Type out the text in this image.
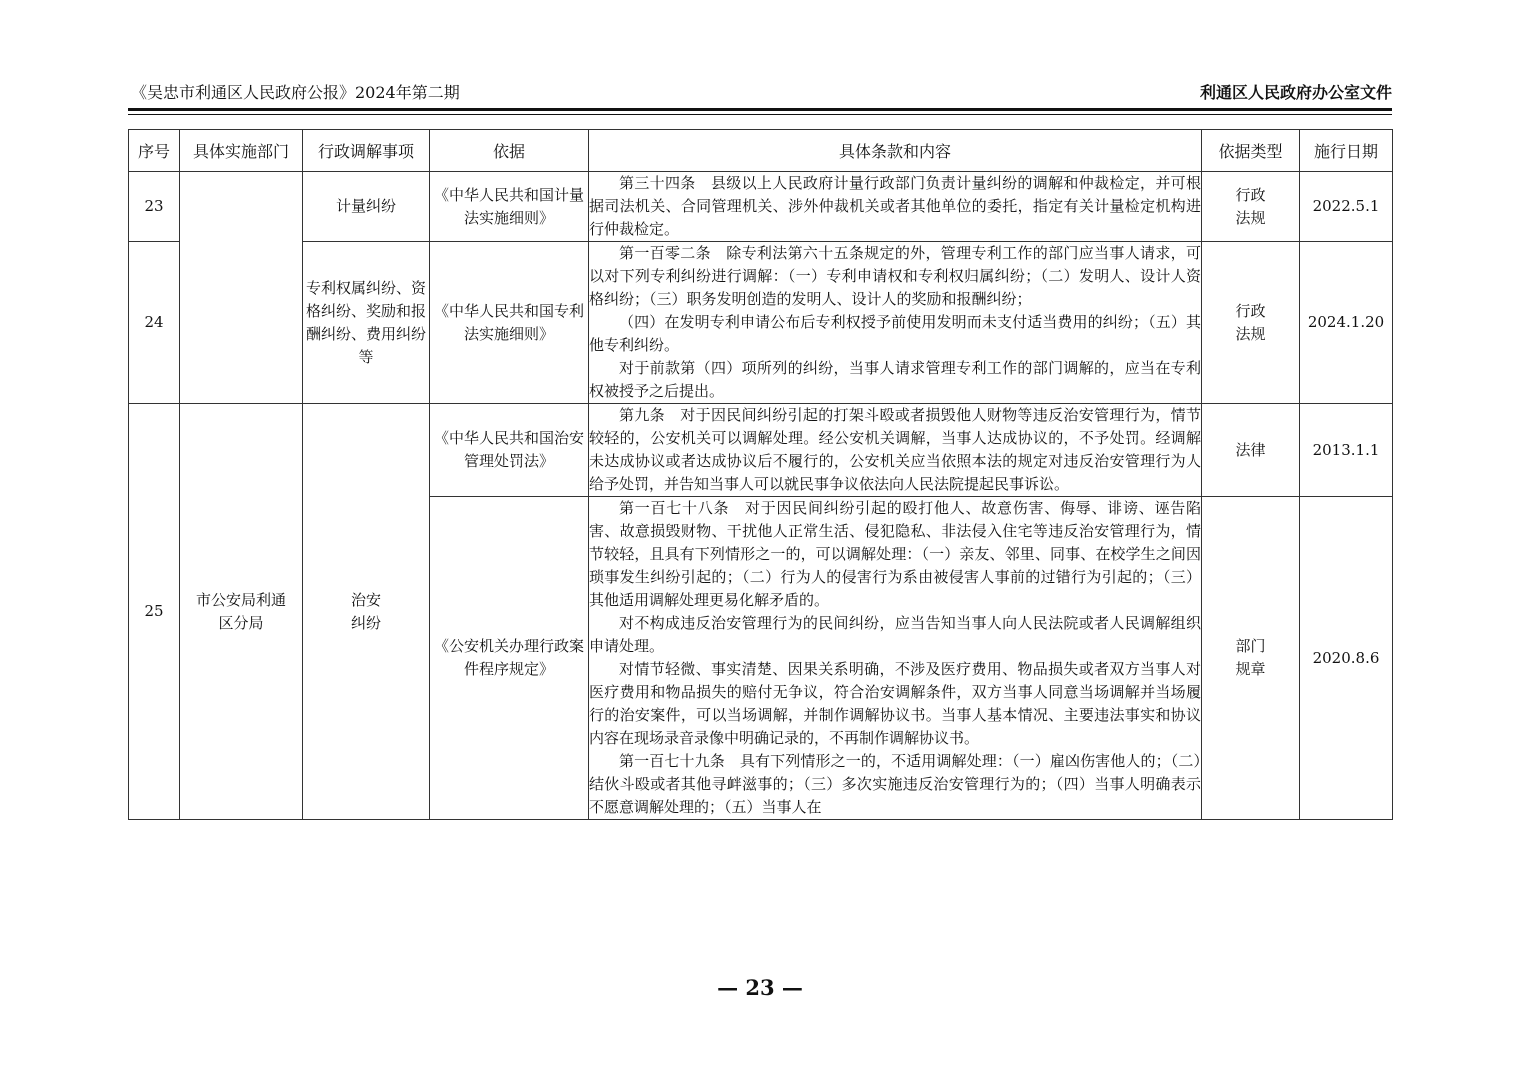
《吴忠市利通区人民政府公报》2024年第二期	利通区人民政府办公室文件
序号	具体实施部门	行政调解事项	依据	具体条款和内容	依据类型	施行日期
23		计量纠纷	《中华人民共和国计量法实施细则》	第三十四条　县级以上人民政府计量行政部门负责计量纠纷的调解和仲裁检定，并可根据司法机关、合同管理机关、涉外仲裁机关或者其他单位的委托，指定有关计量检定机构进行仲裁检定。	行政法规	2022.5.1
24		专利权属纠纷、资格纠纷、奖励和报酬纠纷、费用纠纷等	《中华人民共和国专利法实施细则》	第一百零二条　除专利法第六十五条规定的外，管理专利工作的部门应当事人请求，可以对下列专利纠纷进行调解：（一）专利申请权和专利权归属纠纷；（二）发明人、设计人资格纠纷；（三）职务发明创造的发明人、设计人的奖励和报酬纠纷；

（四）在发明专利申请公布后专利权授予前使用发明而未支付适当费用的纠纷；（五）其他专利纠纷。

对于前款第（四）项所列的纠纷，当事人请求管理专利工作的部门调解的，应当在专利权被授予之后提出。	行政法规	2024.1.20
25	市公安局利通区分局	治安纠纷	《中华人民共和国治安管理处罚法》	第九条　对于因民间纠纷引起的打架斗殴或者损毁他人财物等违反治安管理行为，情节较轻的，公安机关可以调解处理。经公安机关调解，当事人达成协议的，不予处罚。经调解未达成协议或者达成协议后不履行的，公安机关应当依照本法的规定对违反治安管理行为人给予处罚，并告知当事人可以就民事争议依法向人民法院提起民事诉讼。	法律	2013.1.1
			《公安机关办理行政案件程序规定》	第一百七十八条　对于因民间纠纷引起的殴打他人、故意伤害、侮辱、诽谤、诬告陷害、故意损毁财物、干扰他人正常生活、侵犯隐私、非法侵入住宅等违反治安管理行为，情节较轻，且具有下列情形之一的，可以调解处理：（一）亲友、邻里、同事、在校学生之间因琐事发生纠纷引起的；（二）行为人的侵害行为系由被侵害人事前的过错行为引起的；（三）其他适用调解处理更易化解矛盾的。

对不构成违反治安管理行为的民间纠纷，应当告知当事人向人民法院或者人民调解组织申请处理。

对情节轻微、事实清楚、因果关系明确，不涉及医疗费用、物品损失或者双方当事人对医疗费用和物品损失的赔付无争议，符合治安调解条件，双方当事人同意当场调解并当场履行的治安案件，可以当场调解，并制作调解协议书。当事人基本情况、主要违法事实和协议内容在现场录音录像中明确记录的，不再制作调解协议书。

第一百七十九条　具有下列情形之一的，不适用调解处理：（一）雇凶伤害他人的；（二）结伙斗殴或者其他寻衅滋事的；（三）多次实施违反治安管理行为的；（四）当事人明确表示不愿意调解处理的；（五）当事人在	部门规章	2020.8.6
— 23 —
